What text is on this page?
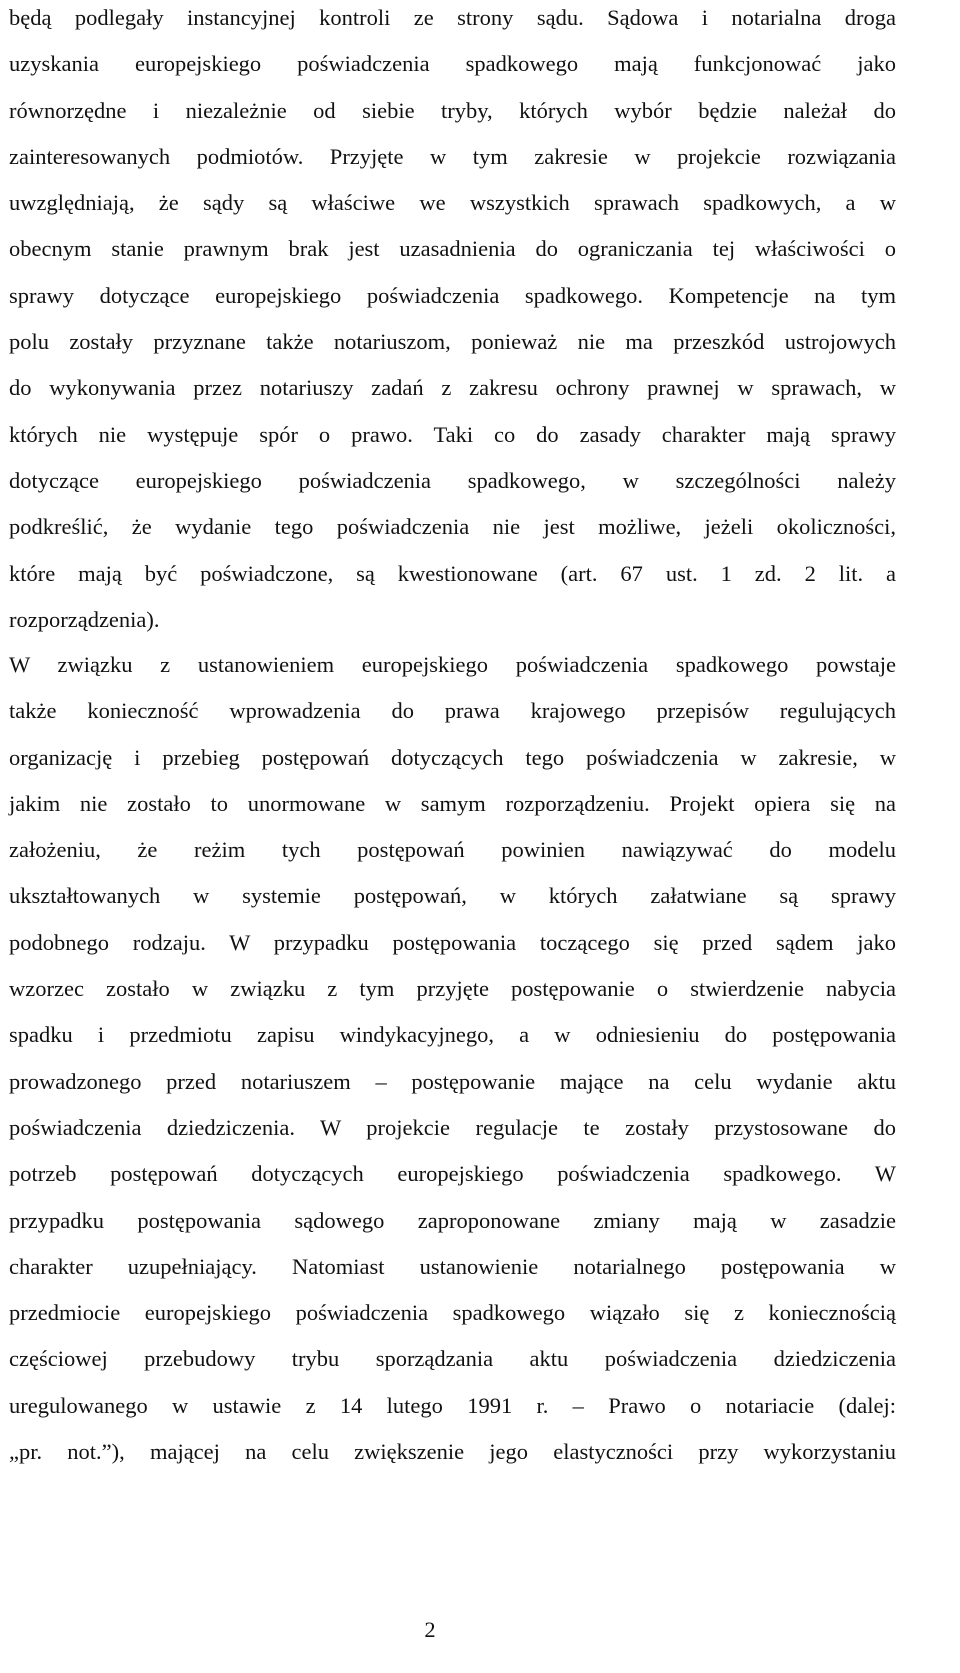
będą podlegały instancyjnej kontroli ze strony sądu. Sądowa i notarialna droga
uzyskania europejskiego poświadczenia spadkowego mają funkcjonować jako
równorzędne i niezależnie od siebie tryby, których wybór będzie należał do
zainteresowanych podmiotów. Przyjęte w tym zakresie w projekcie rozwiązania
uwzględniają, że sądy są właściwe we wszystkich sprawach spadkowych, a w
obecnym stanie prawnym brak jest uzasadnienia do ograniczania tej właściwości o
sprawy dotyczące europejskiego poświadczenia spadkowego. Kompetencje na tym
polu zostały przyznane także notariuszom, ponieważ nie ma przeszkód ustrojowych
do wykonywania przez notariuszy zadań z zakresu ochrony prawnej w sprawach, w
których nie występuje spór o prawo. Taki co do zasady charakter mają sprawy
dotyczące europejskiego poświadczenia spadkowego, w szczególności należy
podkreślić, że wydanie tego poświadczenia nie jest możliwe, jeżeli okoliczności,
które mają być poświadczone, są kwestionowane (art. 67 ust. 1 zd. 2 lit. a
rozporządzenia).
W związku z ustanowieniem europejskiego poświadczenia spadkowego powstaje
także konieczność wprowadzenia do prawa krajowego przepisów regulujących
organizację i przebieg postępowań dotyczących tego poświadczenia w zakresie, w
jakim nie zostało to unormowane w samym rozporządzeniu. Projekt opiera się na
założeniu, że reżim tych postępowań powinien nawiązywać do modelu
ukształtowanych w systemie postępowań, w których załatwiane są sprawy
podobnego rodzaju. W przypadku postępowania toczącego się przed sądem jako
wzorzec zostało w związku z tym przyjęte postępowanie o stwierdzenie nabycia
spadku i przedmiotu zapisu windykacyjnego, a w odniesieniu do postępowania
prowadzonego przed notariuszem – postępowanie mające na celu wydanie aktu
poświadczenia dziedziczenia. W projekcie regulacje te zostały przystosowane do
potrzeb postępowań dotyczących europejskiego poświadczenia spadkowego. W
przypadku postępowania sądowego zaproponowane zmiany mają w zasadzie
charakter uzupełniający. Natomiast ustanowienie notarialnego postępowania w
przedmiocie europejskiego poświadczenia spadkowego wiązało się z koniecznością
częściowej przebudowy trybu sporządzania aktu poświadczenia dziedziczenia
uregulowanego w ustawie z 14 lutego 1991 r. – Prawo o notariacie (dalej:
„pr. not.”), mającej na celu zwiększenie jego elastyczności przy wykorzystaniu
2
